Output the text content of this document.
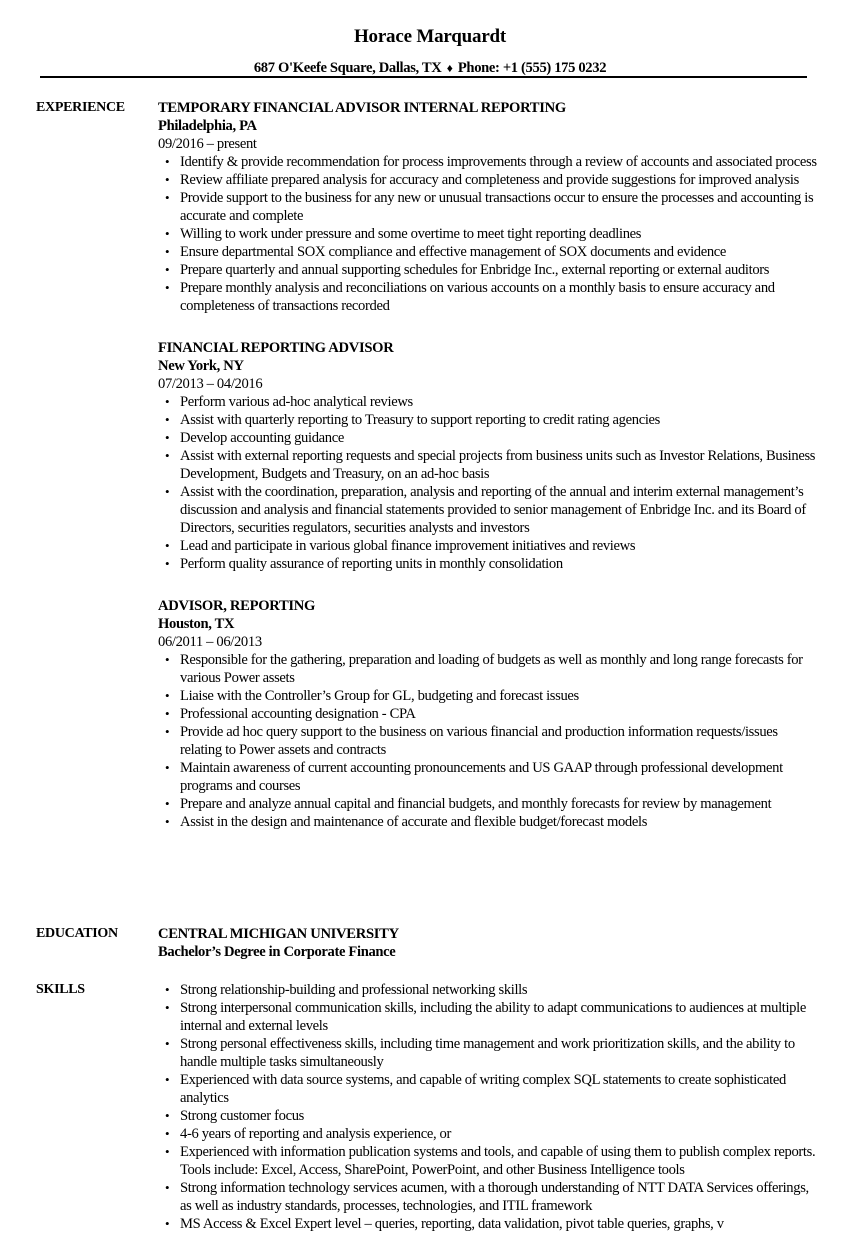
Horace Marquardt
687 O'Keefe Square, Dallas, TX ♦ Phone: +1 (555) 175 0232
EXPERIENCE TEMPORARY FINANCIAL ADVISOR INTERNAL REPORTING
Philadelphia, PA
09/2016 – present
• Identify & provide recommendation for process improvements through a review of accounts and associated process
• Review affiliate prepared analysis for accuracy and completeness and provide suggestions for improved analysis
• Provide support to the business for any new or unusual transactions occur to ensure the processes and accounting is accurate and complete
• Willing to work under pressure and some overtime to meet tight reporting deadlines
• Ensure departmental SOX compliance and effective management of SOX documents and evidence
• Prepare quarterly and annual supporting schedules for Enbridge Inc., external reporting or external auditors
• Prepare monthly analysis and reconciliations on various accounts on a monthly basis to ensure accuracy and completeness of transactions recorded
FINANCIAL REPORTING ADVISOR
New York, NY
07/2013 – 04/2016
• Perform various ad-hoc analytical reviews
• Assist with quarterly reporting to Treasury to support reporting to credit rating agencies
• Develop accounting guidance
• Assist with external reporting requests and special projects from business units such as Investor Relations, Business Development, Budgets and Treasury, on an ad-hoc basis
• Assist with the coordination, preparation, analysis and reporting of the annual and interim external management’s discussion and analysis and financial statements provided to senior management of Enbridge Inc. and its Board of Directors, securities regulators, securities analysts and investors
• Lead and participate in various global finance improvement initiatives and reviews
• Perform quality assurance of reporting units in monthly consolidation
ADVISOR, REPORTING
Houston, TX
06/2011 – 06/2013
• Responsible for the gathering, preparation and loading of budgets as well as monthly and long range forecasts for various Power assets
• Liaise with the Controller’s Group for GL, budgeting and forecast issues
• Professional accounting designation - CPA
• Provide ad hoc query support to the business on various financial and production information requests/issues relating to Power assets and contracts
• Maintain awareness of current accounting pronouncements and US GAAP through professional development programs and courses
• Prepare and analyze annual capital and financial budgets, and monthly forecasts for review by management
• Assist in the design and maintenance of accurate and flexible budget/forecast models
EDUCATION	CENTRAL MICHIGAN UNIVERSITY
Bachelor’s Degree in Corporate Finance
SKILLS	• Strong relationship-building and professional networking skills
• Strong interpersonal communication skills, including the ability to adapt communications to audiences at multiple internal and external levels
• Strong personal effectiveness skills, including time management and work prioritization skills, and the ability to handle multiple tasks simultaneously
• Experienced with data source systems, and capable of writing complex SQL statements to create sophisticated analytics
• Strong customer focus
• 4-6 years of reporting and analysis experience, or
• Experienced with information publication systems and tools, and capable of using them to publish complex reports. Tools include: Excel, Access, SharePoint, PowerPoint, and other Business Intelligence tools
• Strong information technology services acumen, with a thorough understanding of NTT DATA Services offerings, as well as industry standards, processes, technologies, and ITIL framework
• MS Access & Excel Expert level – queries, reporting, data validation, pivot table queries, graphs, v
